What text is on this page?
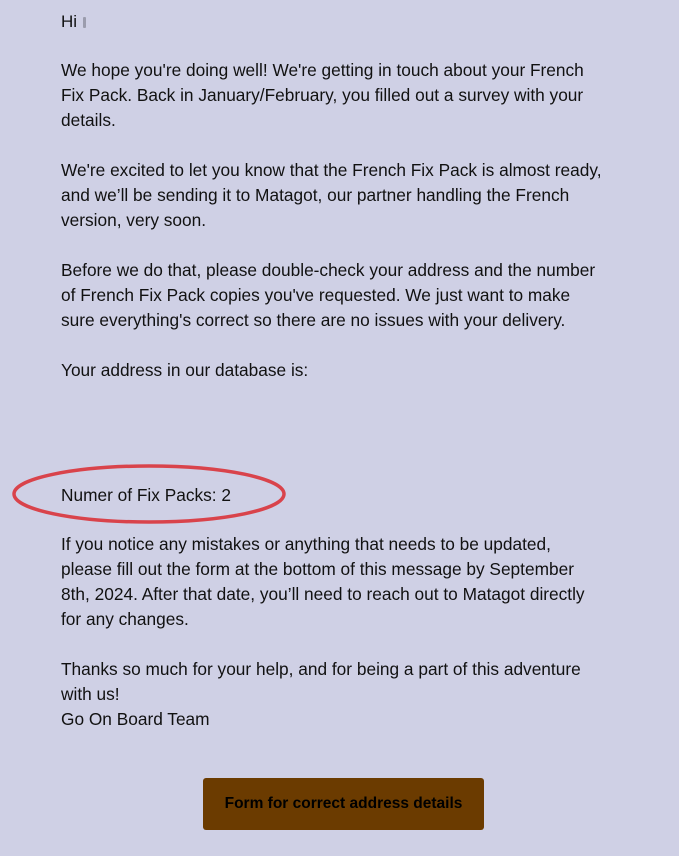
Hi

We hope you're doing well! We're getting in touch about your French
Fix Pack. Back in January/February, you filled out a survey with your
details.

We're excited to let you know that the French Fix Pack is almost ready,
and we’ll be sending it to Matagot, our partner handling the French
version, very soon.

Before we do that, please double-check your address and the number
of French Fix Pack copies you've requested. We just want to make
sure everything's correct so there are no issues with your delivery.

Your address in our database is:

Numer of Fix Packs: 2

If you notice any mistakes or anything that needs to be updated,
please fill out the form at the bottom of this message by September
8th, 2024. After that date, you’ll need to reach out to Matagot directly
for any changes.

Thanks so much for your help, and for being a part of this adventure
with us!
Go On Board Team

Form for correct address details
